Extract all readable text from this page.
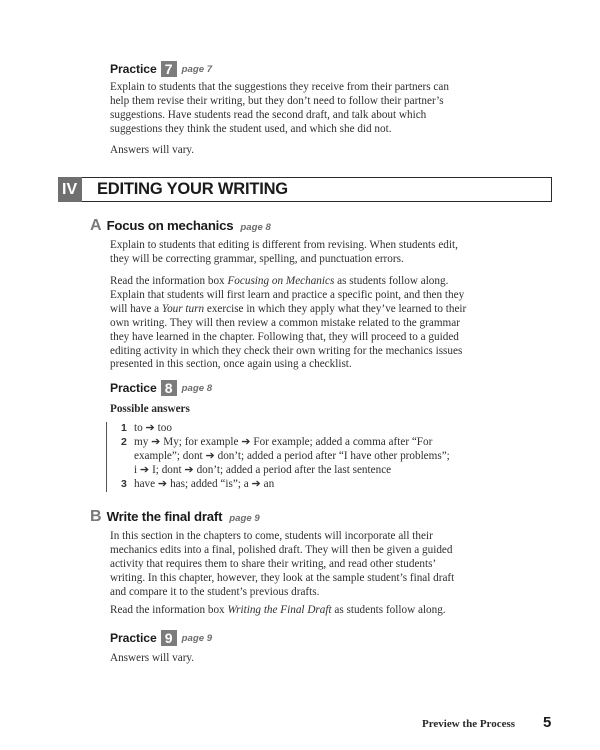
Practice 7 page 7
Explain to students that the suggestions they receive from their partners can
help them revise their writing, but they don’t need to follow their partner’s
suggestions. Have students read the second draft, and talk about which
suggestions they think the student used, and which she did not.
Answers will vary.
IV EDITING YOUR WRITING
A Focus on mechanics page 8
Explain to students that editing is different from revising. When students edit,
they will be correcting grammar, spelling, and punctuation errors.
Read the information box Focusing on Mechanics as students follow along.
Explain that students will first learn and practice a specific point, and then they
will have a Your turn exercise in which they apply what they’ve learned to their
own writing. They will then review a common mistake related to the grammar
they have learned in the chapter. Following that, they will proceed to a guided
editing activity in which they check their own writing for the mechanics issues
presented in this section, once again using a checklist.
Practice 8 page 8
Possible answers
1 to ➔ too
2 my ➔ My; for example ➔ For example; added a comma after “For
example”; dont ➔ don’t; added a period after “I have other problems”;
i ➔ I; dont ➔ don’t; added a period after the last sentence
3 have ➔ has; added “is”; a ➔ an
B Write the final draft page 9
In this section in the chapters to come, students will incorporate all their
mechanics edits into a final, polished draft. They will then be given a guided
activity that requires them to share their writing, and read other students’
writing. In this chapter, however, they look at the sample student’s final draft
and compare it to the student’s previous drafts.
Read the information box Writing the Final Draft as students follow along.
Practice 9 page 9
Answers will vary.
Preview the Process 5
